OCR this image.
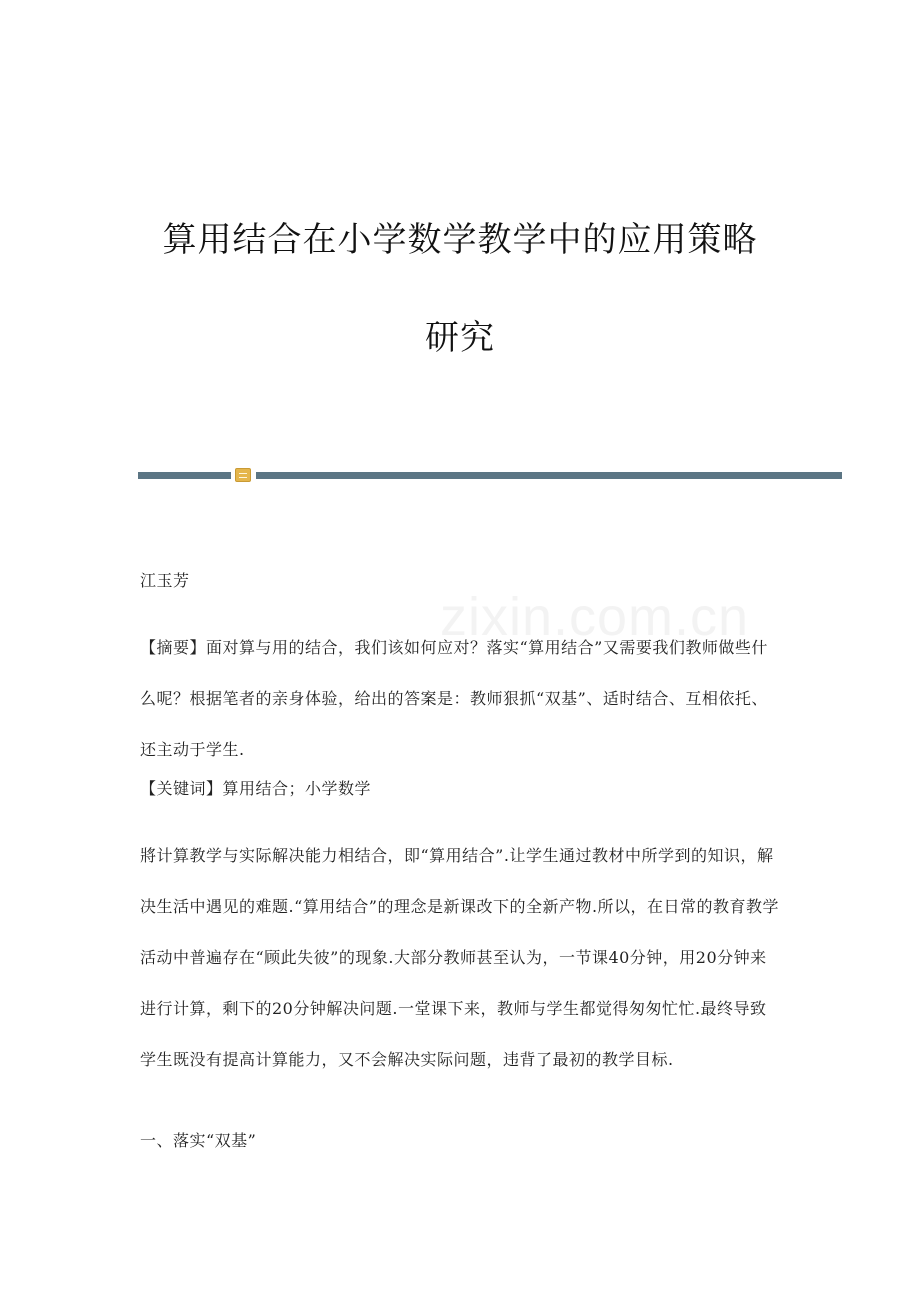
算用结合在小学数学教学中的应用策略
研究
zixin.com.cn
江玉芳
【摘要】面对算与用的结合，我们该如何应对？落实“算用结合”又需要我们教师做些什么呢？根据笔者的亲身体验，给出的答案是：教师狠抓“双基”、适时结合、互相依托、还主动于学生.
【关键词】算用结合；小学数学
將计算教学与实际解决能力相结合，即“算用结合”.让学生通过教材中所学到的知识，解决生活中遇见的难题.“算用结合”的理念是新课改下的全新产物.所以，在日常的教育教学活动中普遍存在“顾此失彼”的现象.大部分教师甚至认为，一节课40分钟，用20分钟来进行计算，剩下的20分钟解决问题.一堂课下来，教师与学生都觉得匆匆忙忙.最终导致学生既没有提高计算能力，又不会解决实际问题，违背了最初的教学目标.
一、落实“双基”
